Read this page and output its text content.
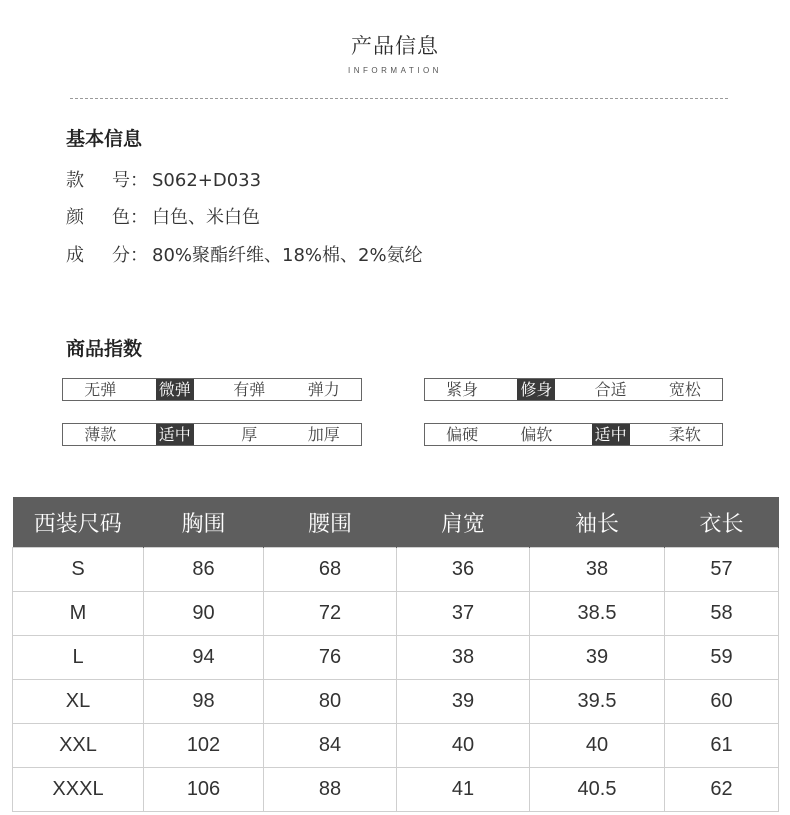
产品信息
INFORMATION
基本信息
款 号： S062+D033
颜 色： 白色、米白色
成 分： 80%聚酯纤维、18%棉、2%氨纶
商品指数
无弹	微弹	有弹	弹力	紧身	修身	合适	宽松
薄款	适中	厚	加厚	偏硬	偏软	适中	柔软
西装尺码	胸围	腰围	肩宽	袖长	衣长
S	86	68	36	38	57
M	90	72	37	38.5	58
L	94	76	38	39	59
XL	98	80	39	39.5	60
XXL	102	84	40	40	61
XXXL	106	88	41	40.5	62
